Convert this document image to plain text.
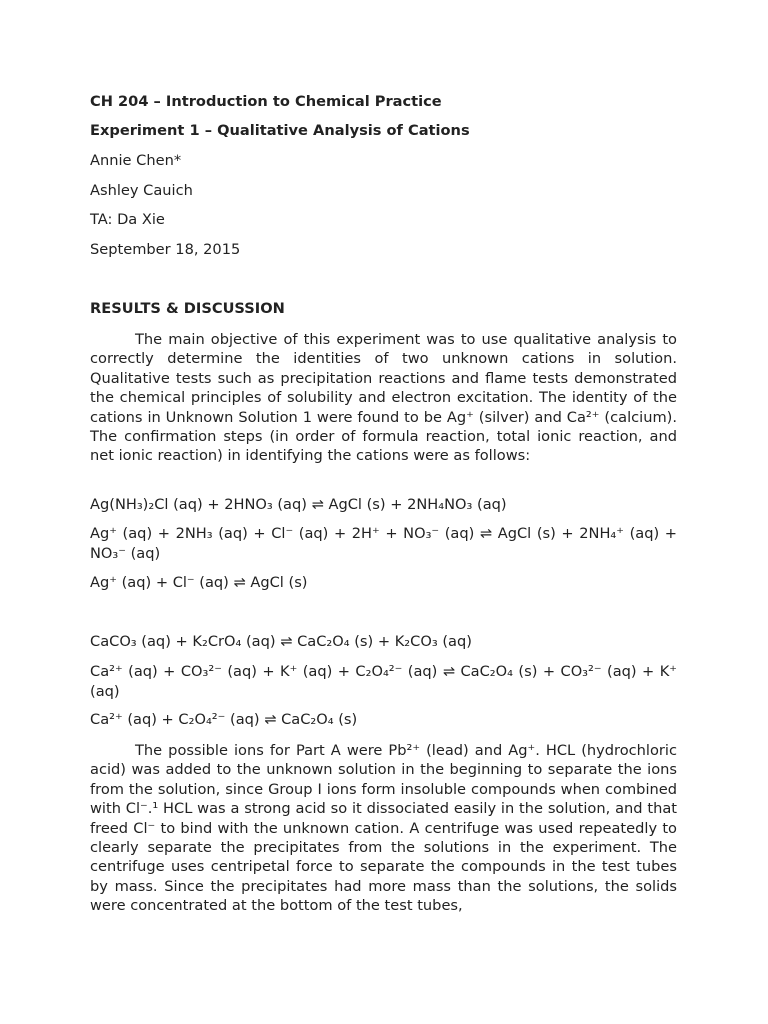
CH 204 – Introduction to Chemical Practice
Experiment 1 – Qualitative Analysis of Cations
Annie Chen*
Ashley Cauich
TA: Da Xie
September 18, 2015
RESULTS & DISCUSSION

The main objective of this experiment was to use qualitative analysis to correctly determine the identities of two unknown cations in solution. Qualitative tests such as precipitation reactions and flame tests demonstrated the chemical principles of solubility and electron excitation. The identity of the cations in Unknown Solution 1 were found to be Ag⁺ (silver) and Ca²⁺ (calcium). The confirmation steps (in order of formula reaction, total ionic reaction, and net ionic reaction) in identifying the cations were as follows:

Ag(NH₃)₂Cl (aq) + 2HNO₃ (aq) ⇌ AgCl (s) + 2NH₄NO₃ (aq)

Ag⁺ (aq) + 2NH₃ (aq) + Cl⁻ (aq) + 2H⁺ + NO₃⁻ (aq) ⇌ AgCl (s) + 2NH₄⁺ (aq) + NO₃⁻ (aq)

Ag⁺ (aq) + Cl⁻ (aq) ⇌ AgCl (s)

CaCO₃ (aq) + K₂CrO₄ (aq) ⇌ CaC₂O₄ (s) + K₂CO₃ (aq)

Ca²⁺ (aq) + CO₃²⁻ (aq) + K⁺ (aq) + C₂O₄²⁻ (aq) ⇌ CaC₂O₄ (s) + CO₃²⁻ (aq) + K⁺ (aq)

Ca²⁺ (aq) + C₂O₄²⁻ (aq) ⇌ CaC₂O₄ (s)

The possible ions for Part A were Pb²⁺ (lead) and Ag⁺. HCL (hydrochloric acid) was added to the unknown solution in the beginning to separate the ions from the solution, since Group I ions form insoluble compounds when combined with Cl⁻.¹ HCL was a strong acid so it dissociated easily in the solution, and that freed Cl⁻ to bind with the unknown cation. A centrifuge was used repeatedly to clearly separate the precipitates from the solutions in the experiment. The centrifuge uses centripetal force to separate the compounds in the test tubes by mass. Since the precipitates had more mass than the solutions, the solids were concentrated at the bottom of the test tubes,
